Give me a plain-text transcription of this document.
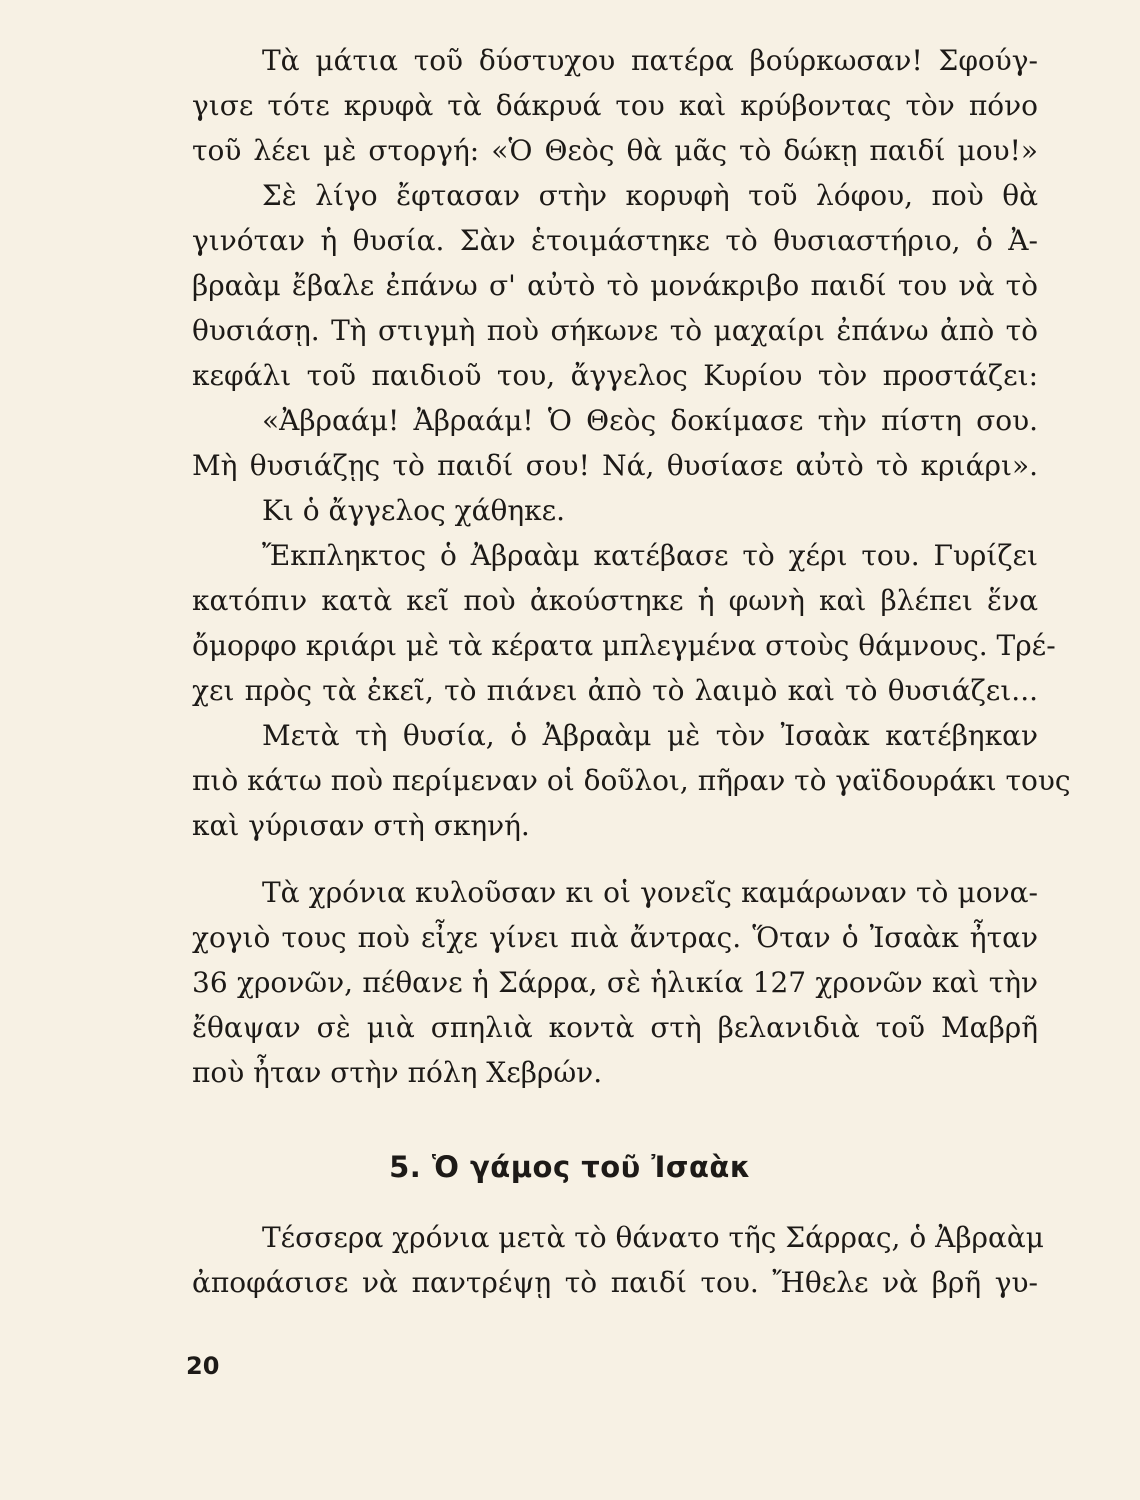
Τὰ μάτια τοῦ δύστυχου πατέρα βούρκωσαν! Σφούγ-
γισε τότε κρυφὰ τὰ δάκρυά του καὶ κρύβοντας τὸν πόνο
τοῦ λέει μὲ στοργή: «Ὁ Θεὸς θὰ μᾶς τὸ δώκῃ παιδί μου!»
Σὲ λίγο ἔφτασαν στὴν κορυφὴ τοῦ λόφου, ποὺ θὰ
γινόταν ἡ θυσία. Σὰν ἑτοιμάστηκε τὸ θυσιαστήριο, ὁ Ἀ-
βραὰμ ἔβαλε ἐπάνω σ' αὐτὸ τὸ μονάκριβο παιδί του νὰ τὸ
θυσιάσῃ. Τὴ στιγμὴ ποὺ σήκωνε τὸ μαχαίρι ἐπάνω ἀπὸ τὸ
κεφάλι τοῦ παιδιοῦ του, ἄγγελος Κυρίου τὸν προστάζει:
«Ἀβραάμ! Ἀβραάμ! Ὁ Θεὸς δοκίμασε τὴν πίστη σου.
Μὴ θυσιάζῃς τὸ παιδί σου! Νά, θυσίασε αὐτὸ τὸ κριάρι».
Κι ὁ ἄγγελος χάθηκε.
Ἔκπληκτος ὁ Ἀβραὰμ κατέβασε τὸ χέρι του. Γυρίζει
κατόπιν κατὰ κεῖ ποὺ ἀκούστηκε ἡ φωνὴ καὶ βλέπει ἕνα
ὄμορφο κριάρι μὲ τὰ κέρατα μπλεγμένα στοὺς θάμνους. Τρέ-
χει πρὸς τὰ ἐκεῖ, τὸ πιάνει ἀπὸ τὸ λαιμὸ καὶ τὸ θυσιάζει...
Μετὰ τὴ θυσία, ὁ Ἀβραὰμ μὲ τὸν Ἰσαὰκ κατέβηκαν
πιὸ κάτω ποὺ περίμεναν οἱ δοῦλοι, πῆραν τὸ γαϊδουράκι τους
καὶ γύρισαν στὴ σκηνή.
Τὰ χρόνια κυλοῦσαν κι οἱ γονεῖς καμάρωναν τὸ μονα-
χογιὸ τους ποὺ εἶχε γίνει πιὰ ἄντρας. Ὅταν ὁ Ἰσαὰκ ἦταν
36 χρονῶν, πέθανε ἡ Σάρρα, σὲ ἡλικία 127 χρονῶν καὶ τὴν
ἔθαψαν σὲ μιὰ σπηλιὰ κοντὰ στὴ βελανιδιὰ τοῦ Μαβρῆ
ποὺ ἦταν στὴν πόλη Χεβρών.
5. Ὁ γάμος τοῦ Ἰσαὰκ
Τέσσερα χρόνια μετὰ τὸ θάνατο τῆς Σάρρας, ὁ Ἀβραὰμ
ἀποφάσισε νὰ παντρέψῃ τὸ παιδί του. Ἤθελε νὰ βρῆ γυ-
20
